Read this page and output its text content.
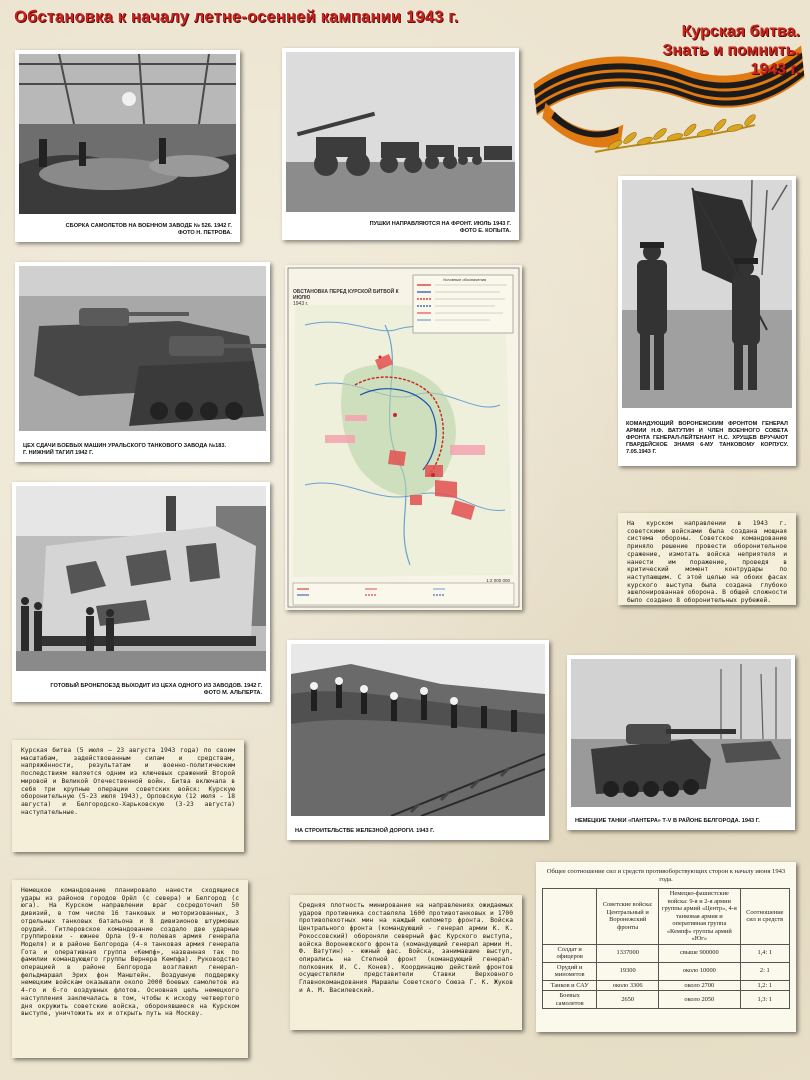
Обстановка к началу летне-осенней кампании 1943 г.
Курская битва.
Знать и помнить.
1943 г.
СБОРКА САМОЛЕТОВ НА ВОЕННОМ ЗАВОДЕ № 526. 1942 Г.
ФОТО Н. ПЕТРОВА.
ПУШКИ НАПРАВЛЯЮТСЯ НА ФРОНТ. ИЮЛЬ 1943 Г.
ФОТО Е. КОПЫТА.
ЦЕХ СДАЧИ БОЕВЫХ МАШИН УРАЛЬСКОГО ТАНКОВОГО ЗАВОДА №183.
Г. НИЖНИЙ ТАГИЛ 1942 Г.
ОБСТАНОВКА ПЕРЕД КУРСКОЙ БИТВОЙ К ИЮЛЮ
1943 г.
Условные обозначения
1:2 000 000
КОМАНДУЮЩИЙ ВОРОНЕЖСКИМ ФРОНТОМ ГЕНЕРАЛ АРМИИ Н.Ф. ВАТУТИН И ЧЛЕН ВОЕННОГО СОВЕТА ФРОНТА ГЕНЕРАЛ-ЛЕЙТЕНАНТ Н.С. ХРУЩЕВ ВРУЧАЮТ ГВАРДЕЙСКОЕ ЗНАМЯ 6-МУ ТАНКОВОМУ КОРПУСУ. 7.05.1943 Г.
На курском направлении в 1943 г. советскими войсками была создана мощная система обороны. Советское командование приняло решение провести оборонительное сражение, измотать войска неприятеля и нанести им поражение, проведя в критический момент контрудары по наступающим. С этой целью на обоих фасах курского выступа была создана глубоко эшелонированная оборона. В общей сложности было создано 8 оборонительных рубежей.
ГОТОВЫЙ БРОНЕПОЕЗД ВЫХОДИТ ИЗ ЦЕХА ОДНОГО ИЗ ЗАВОДОВ. 1942 Г.
ФОТО М. АЛЬПЕРТА.
Курская битва (5 июля — 23 августа 1943 года) по своим масштабам, задействованным силам и средствам, напряжённости, результатам и военно-политическим последствиям является одним из ключевых сражений Второй мировой и Великой Отечественной войн. Битва включала в себя три крупные операции советских войск: Курскую оборонительную (5-23 июля 1943), Орловскую (12 июля - 18 августа) и Белгородско-Харьковскую (3-23 августа) наступательные.
НА СТРОИТЕЛЬСТВЕ ЖЕЛЕЗНОЙ ДОРОГИ. 1943 Г.
НЕМЕЦКИЕ ТАНКИ «ПАНТЕРА» Т-V В РАЙОНЕ БЕЛГОРОДА. 1943 Г.
Немецкое командование планировало нанести сходящиеся удары из районов городов Орёл (с севера) и Белгород (с юга). На Курском направлении враг сосредоточил 50 дивизий, в том числе 16 танковых и моторизованных, 3 отдельных танковых батальона и 8 дивизионов штурмовых орудий. Гитлеровское командование создало две ударные группировки - южнее Орла (9-я полевая армия генерала Моделя) и в районе Белгорода (4-я танковая армия генерала Гота и оперативная группа «Кемпф», названная так по фамилии командующего группы Вернера Кемпфа). Руководство операцией в районе Белгорода возглавил генерал-фельдмаршал Эрих фон Манштейн. Воздушную поддержку немецким войскам оказывали около 2000 боевых самолетов из 4-го и 6-го воздушных флотов. Основная цель немецкого наступления заключалась в том, чтобы к исходу четвертого дня окружить советские войска, оборонявшиеся на Курском выступе, уничтожить их и открыть путь на Москву.
Средняя плотность минирования на направлениях ожидаемых ударов противника составляла 1600 противотанковых и 1700 противопехотных мин на каждый километр фронта. Войска Центрального фронта (командующий - генерал армии К. К. Рокоссовский) обороняли северный фас Курского выступа, войска Воронежского фронта (командующий генерал армии Н. Ф. Ватутин) - южный фас. Войска, занимавшие выступ, опирались на Степной фронт (командующий генерал-полковник И. С. Конев). Координацию действий фронтов осуществляли представители Ставки Верховного Главнокомандования Маршалы Советского Союза Г. К. Жуков и А. М. Василевский.
Общее соотношение сил и средств противоборствующих сторон к началу июня 1943 года.
	Советские войска: Центральный и Воронежский фронты	Немецко-фашистские войска: 9-я и 2-я армии группы армий «Центр», 4-я танковая армия и оперативная группа «Кемпф» группы армий «Юг»	Соотношение сил и средств
Солдат и офицеров	1337000	свыше 900000	1,4: 1
Орудий и минометов	19300	около 10000	2: 1
Танков и САУ	около 3306	около 2700	1,2: 1
Боевых самолетов	2650	около 2050	1,3: 1
